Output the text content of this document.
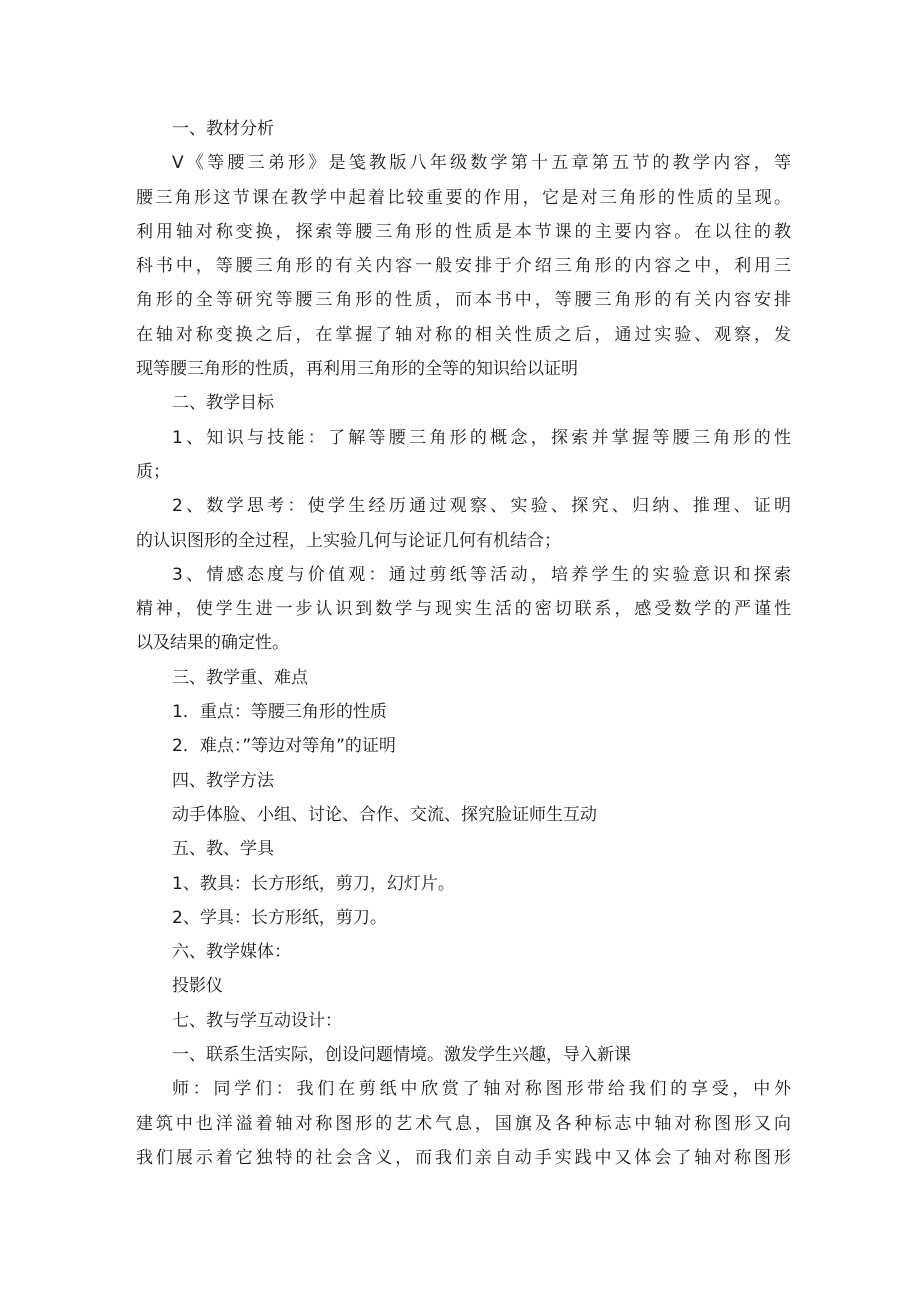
一、教材分析
V《等腰三弟形》是笺教版八年级数学第十五章第五节的教学内容，等
腰三角形这节课在教学中起着比较重要的作用，它是对三角形的性质的呈现。
利用轴对称变换，探索等腰三角形的性质是本节课的主要内容。在以往的教
科书中，等腰三角形的有关内容一般安排于介绍三角形的内容之中，利用三
角形的全等研究等腰三角形的性质，而本书中，等腰三角形的有关内容安排
在轴对称变换之后，在掌握了轴对称的相关性质之后，通过实验、观察，发
现等腰三角形的性质，再利用三角形的全等的知识给以证明
二、教学目标
1、知识与技能：了解等腰三角形的概念，探索并掌握等腰三角形的性
质；
2、数学思考：使学生经历通过观察、实验、探究、归纳、推理、证明
的认识图形的全过程，上实验几何与论证几何有机结合；
3、情感态度与价值观：通过剪纸等活动，培养学生的实验意识和探索
精神，使学生进一步认识到数学与现实生活的密切联系，感受数学的严谨性
以及结果的确定性。
三、教学重、难点
1．重点：等腰三角形的性质
2．难点：”等边对等角”的证明
四、教学方法
动手体脸、小组、讨论、合作、交流、探究脸证师生互动
五、教、学具
1、教具：长方形纸，剪刀，幻灯片。
2、学具：长方形纸，剪刀。
六、教学媒体：
投影仪
七、教与学互动设计：
一、联系生活实际，创设问题情境。激发学生兴趣，导入新课
师：同学们：我们在剪纸中欣赏了轴对称图形带给我们的享受，中外
建筑中也洋溢着轴对称图形的艺术气息，国旗及各种标志中轴对称图形又向
我们展示着它独特的社会含义，而我们亲自动手实践中又体会了轴对称图形
